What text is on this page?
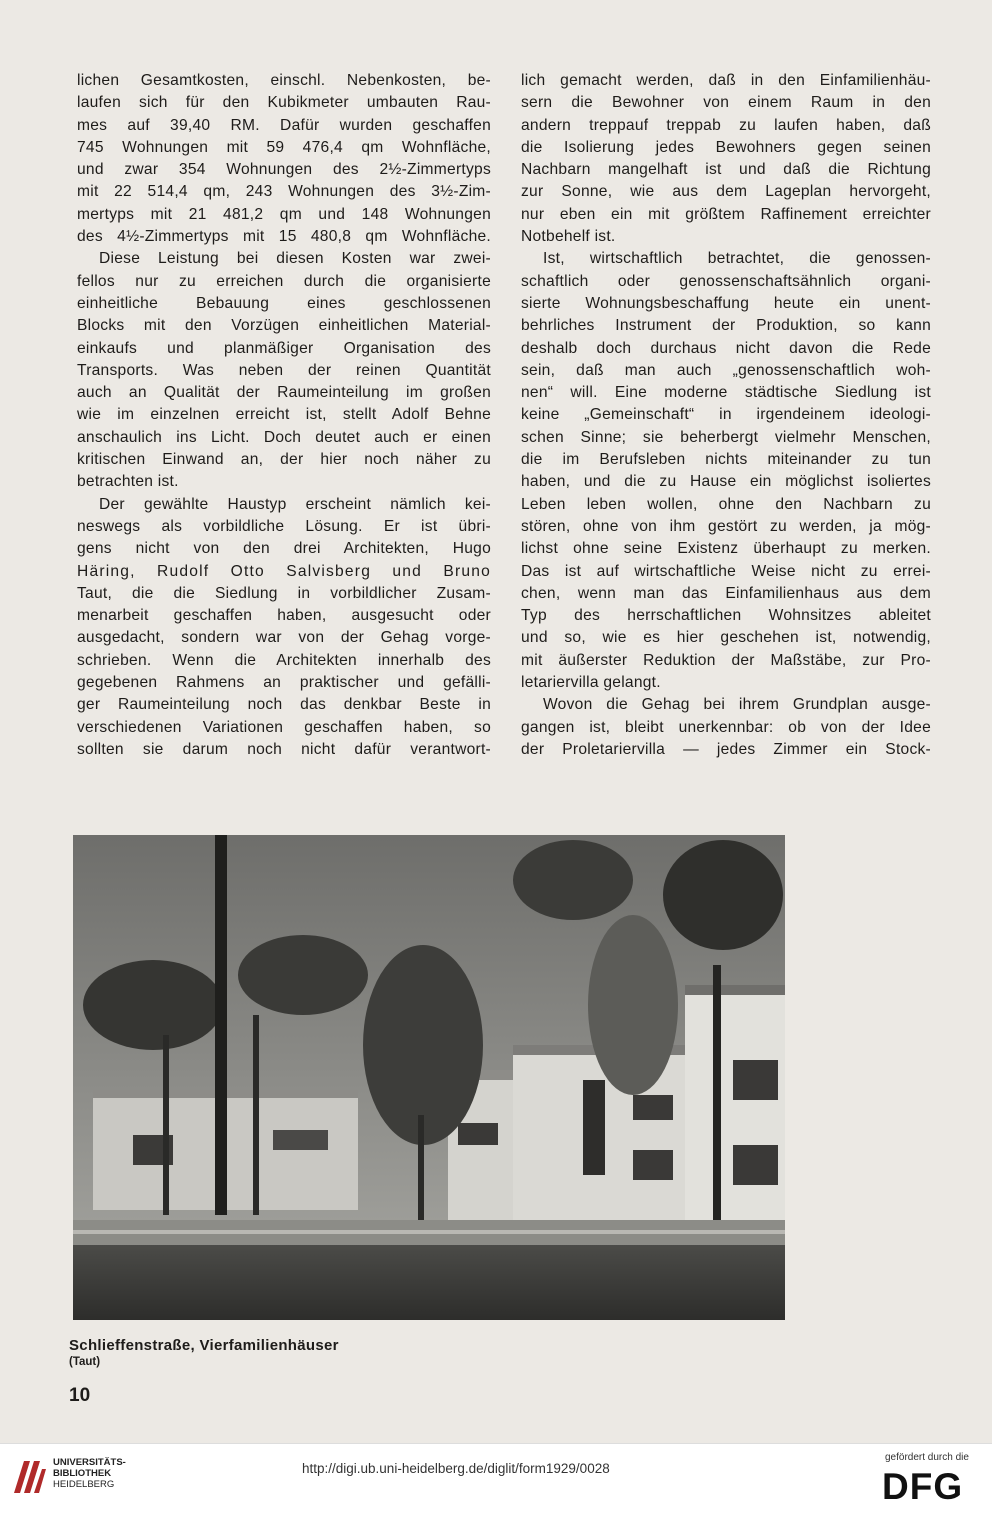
lichen Gesamtkosten, einschl. Nebenkosten, be-
laufen sich für den Kubikmeter umbauten Rau-
mes auf 39,40 RM. Dafür wurden geschaffen
745 Wohnungen mit 59 476,4 qm Wohnfläche,
und zwar 354 Wohnungen des 2½-Zimmertyps
mit 22 514,4 qm, 243 Wohnungen des 3½-Zim-
mertyps mit 21 481,2 qm und 148 Wohnungen
des 4½-Zimmertyps mit 15 480,8 qm Wohnfläche.

Diese Leistung bei diesen Kosten war zwei-

fellos nur zu erreichen durch die organisierte
einheitliche Bebauung eines geschlossenen
Blocks mit den Vorzügen einheitlichen Material-
einkaufs und planmäßiger Organisation des
Transports. Was neben der reinen Quantität
auch an Qualität der Raumeinteilung im großen
wie im einzelnen erreicht ist, stellt Adolf Behne
anschaulich ins Licht. Doch deutet auch er einen
kritischen Einwand an, der hier noch näher zu
betrachten ist.

Der gewählte Haustyp erscheint nämlich kei-

neswegs als vorbildliche Lösung. Er ist übri-
gens nicht von den drei Architekten, Hugo
Häring, Rudolf Otto Salvisberg und Bruno
Taut, die die Siedlung in vorbildlicher Zusam-
menarbeit geschaffen haben, ausgesucht oder
ausgedacht, sondern war von der Gehag vorge-
schrieben. Wenn die Architekten innerhalb des
gegebenen Rahmens an praktischer und gefälli-
ger Raumeinteilung noch das denkbar Beste in
verschiedenen Variationen geschaffen haben, so
sollten sie darum noch nicht dafür verantwort-

lich gemacht werden, daß in den Einfamilienhäu-
sern die Bewohner von einem Raum in den
andern treppauf treppab zu laufen haben, daß
die Isolierung jedes Bewohners gegen seinen
Nachbarn mangelhaft ist und daß die Richtung
zur Sonne, wie aus dem Lageplan hervorgeht,
nur eben ein mit größtem Raffinement erreichter
Notbehelf ist.

Ist, wirtschaftlich betrachtet, die genossen-

schaftlich oder genossenschaftsähnlich organi-
sierte Wohnungsbeschaffung heute ein unent-
behrliches Instrument der Produktion, so kann
deshalb doch durchaus nicht davon die Rede
sein, daß man auch „genossenschaftlich woh-
nen“ will. Eine moderne städtische Siedlung ist
keine „Gemeinschaft“ in irgendeinem ideologi-
schen Sinne; sie beherbergt vielmehr Menschen,
die im Berufsleben nichts miteinander zu tun
haben, und die zu Hause ein möglichst isoliertes
Leben leben wollen, ohne den Nachbarn zu
stören, ohne von ihm gestört zu werden, ja mög-
lichst ohne seine Existenz überhaupt zu merken.
Das ist auf wirtschaftliche Weise nicht zu errei-
chen, wenn man das Einfamilienhaus aus dem
Typ des herrschaftlichen Wohnsitzes ableitet
und so, wie es hier geschehen ist, notwendig,
mit äußerster Reduktion der Maßstäbe, zur Pro-
letariervilla gelangt.

Wovon die Gehag bei ihrem Grundplan ausge-

gangen ist, bleibt unerkennbar: ob von der Idee
der Proletariervilla — jedes Zimmer ein Stock-

Schlieffenstraße, Vierfamilienhäuser
(Taut)
10
UNIVERSITÄTS-
BIBLIOTHEK
HEIDELBERG
http://digi.ub.uni-heidelberg.de/diglit/form1929/0028
gefördert durch die
DFG
